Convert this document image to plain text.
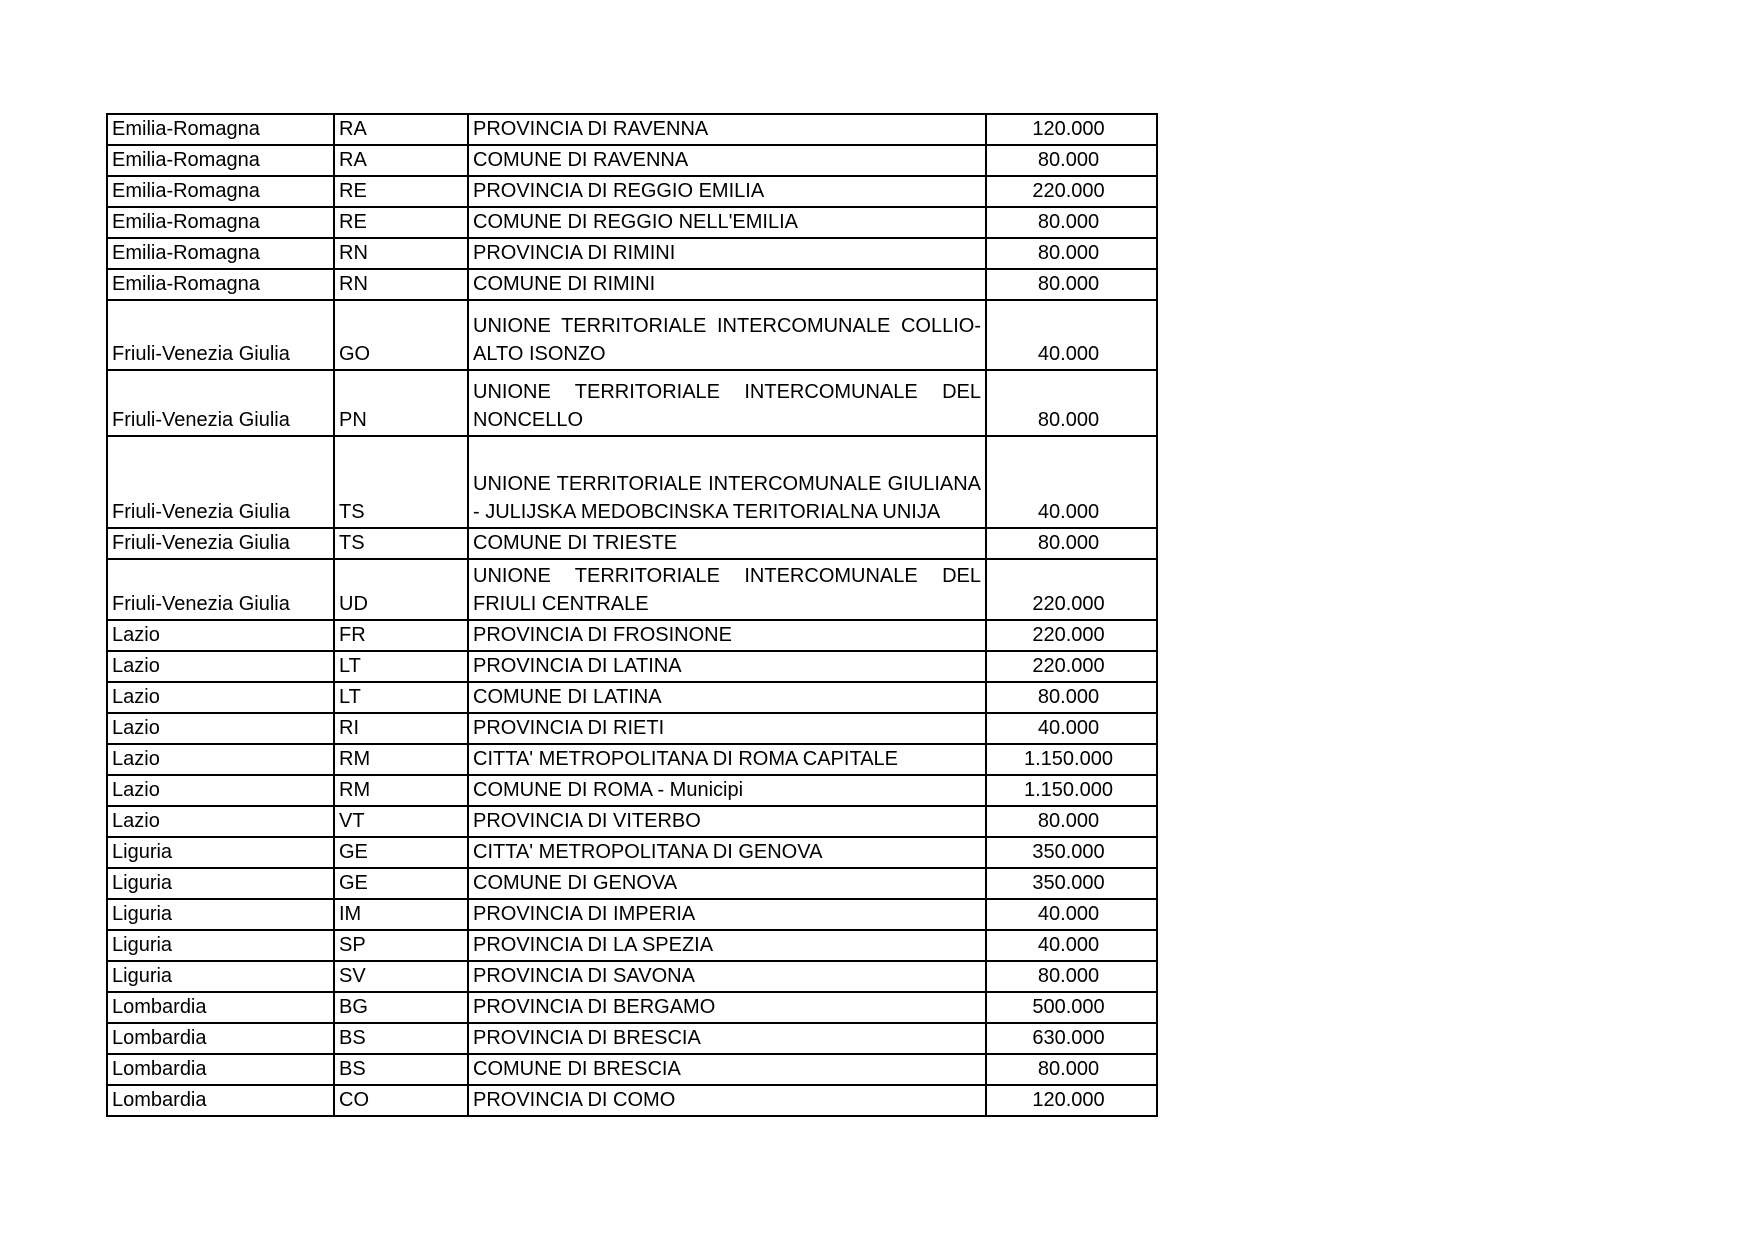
Emilia-Romagna	RA	PROVINCIA DI RAVENNA	120.000
Emilia-Romagna	RA	COMUNE DI RAVENNA	80.000
Emilia-Romagna	RE	PROVINCIA DI REGGIO EMILIA	220.000
Emilia-Romagna	RE	COMUNE DI REGGIO NELL'EMILIA	80.000
Emilia-Romagna	RN	PROVINCIA DI RIMINI	80.000
Emilia-Romagna	RN	COMUNE DI RIMINI	80.000
Friuli-Venezia Giulia	GO	UNIONE TERRITORIALE INTERCOMUNALE COLLIO-ALTO ISONZO	40.000
Friuli-Venezia Giulia	PN	UNIONE TERRITORIALE INTERCOMUNALE DEL NONCELLO	80.000
Friuli-Venezia Giulia	TS	UNIONE TERRITORIALE INTERCOMUNALE GIULIANA - JULIJSKA MEDOBCINSKA TERITORIALNA UNIJA	40.000
Friuli-Venezia Giulia	TS	COMUNE DI TRIESTE	80.000
Friuli-Venezia Giulia	UD	UNIONE TERRITORIALE INTERCOMUNALE DEL FRIULI CENTRALE	220.000
Lazio	FR	PROVINCIA DI FROSINONE	220.000
Lazio	LT	PROVINCIA DI LATINA	220.000
Lazio	LT	COMUNE DI LATINA	80.000
Lazio	RI	PROVINCIA DI RIETI	40.000
Lazio	RM	CITTA' METROPOLITANA DI ROMA CAPITALE	1.150.000
Lazio	RM	COMUNE DI ROMA - Municipi	1.150.000
Lazio	VT	PROVINCIA DI VITERBO	80.000
Liguria	GE	CITTA' METROPOLITANA DI GENOVA	350.000
Liguria	GE	COMUNE DI GENOVA	350.000
Liguria	IM	PROVINCIA DI IMPERIA	40.000
Liguria	SP	PROVINCIA DI LA SPEZIA	40.000
Liguria	SV	PROVINCIA DI SAVONA	80.000
Lombardia	BG	PROVINCIA DI BERGAMO	500.000
Lombardia	BS	PROVINCIA DI BRESCIA	630.000
Lombardia	BS	COMUNE DI BRESCIA	80.000
Lombardia	CO	PROVINCIA DI COMO	120.000
